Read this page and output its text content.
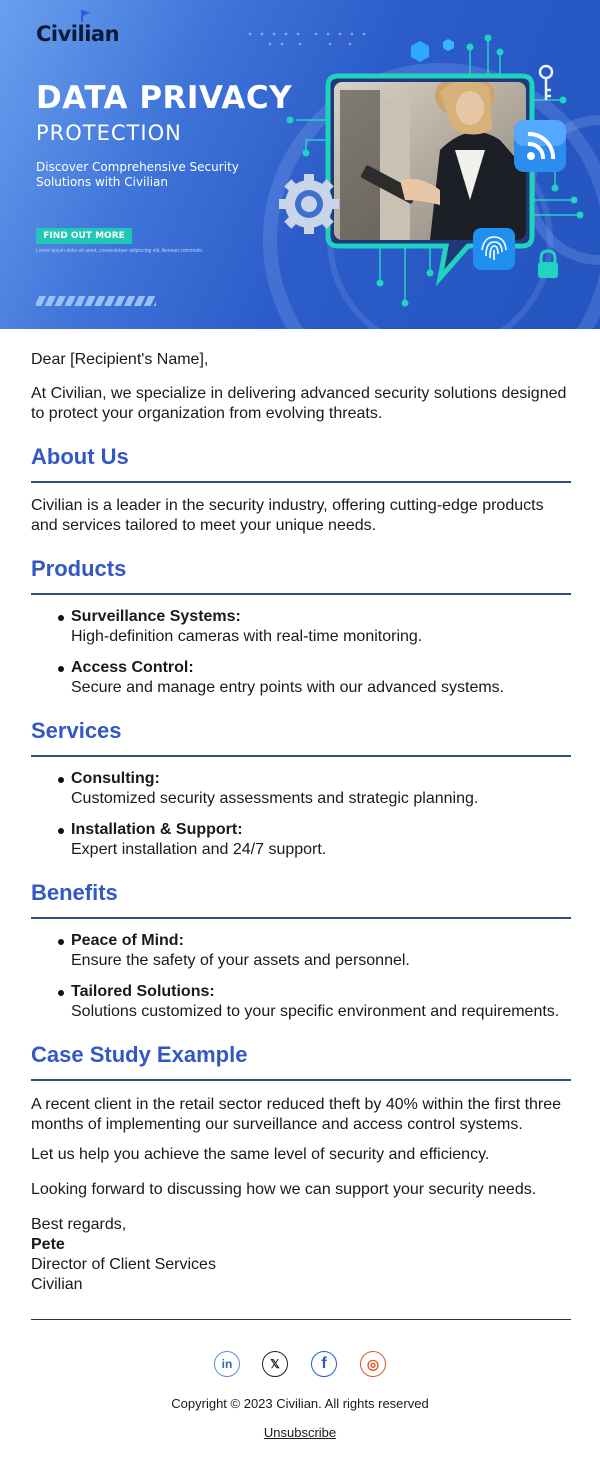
Civilian
DATA PRIVACY
PROTECTION
Discover Comprehensive Security Solutions with Civilian
FIND OUT MORE
Lorem ipsum dolor sit amet, consectetuer adipiscing elit. Aenean commodo.

Dear [Recipient's Name],

At Civilian, we specialize in delivering advanced security solutions designed to protect your organization from evolving threats.

About Us

Civilian is a leader in the security industry, offering cutting-edge products and services tailored to meet your unique needs.

Products
Surveillance Systems:
High-definition cameras with real-time monitoring.
Access Control:
Secure and manage entry points with our advanced systems.
Services
Consulting:
Customized security assessments and strategic planning.
Installation & Support:
Expert installation and 24/7 support.
Benefits
Peace of Mind:
Ensure the safety of your assets and personnel.
Tailored Solutions:
Solutions customized to your specific environment and requirements.
Case Study Example

A recent client in the retail sector reduced theft by 40% within the first three months of implementing our surveillance and access control systems.

Let us help you achieve the same level of security and efficiency.

Looking forward to discussing how we can support your security needs.

Best regards,
Pete
Director of Client Services
Civilian
in	𝕏	f	◎
Copyright © 2023 Civilian. All rights reserved
Unsubscribe
